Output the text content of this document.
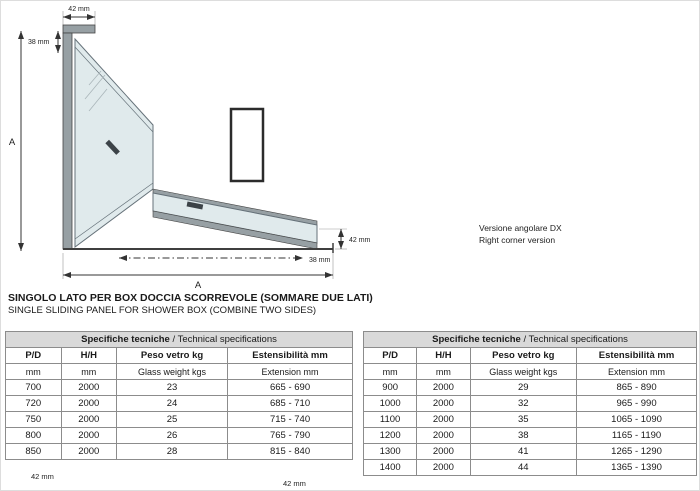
42 mm
38 mm
A
42 mm
38 mm
A
Versione angolare DX
Right corner version

SINGOLO LATO PER BOX DOCCIA SCORREVOLE (SOMMARE DUE LATI)

SINGLE SLIDING PANEL FOR SHOWER BOX (COMBINE TWO SIDES)

Specifiche tecniche / Technical specifications			
P/D	H/H	Peso vetro kg	Estensibilità mm
mm	mm	Glass weight kgs	Extension mm
700	2000	23	665 - 690
720	2000	24	685 - 710
750	2000	25	715 - 740
800	2000	26	765 - 790
850	2000	28	815 - 840
Specifiche tecniche / Technical specifications			
P/D	H/H	Peso vetro kg	Estensibilità mm
mm	mm	Glass weight kgs	Extension mm
900	2000	29	865 - 890
1000	2000	32	965 - 990
1100	2000	35	1065 - 1090
1200	2000	38	1165 - 1190
1300	2000	41	1265 - 1290
1400	2000	44	1365 - 1390
42 mm
42 mm
